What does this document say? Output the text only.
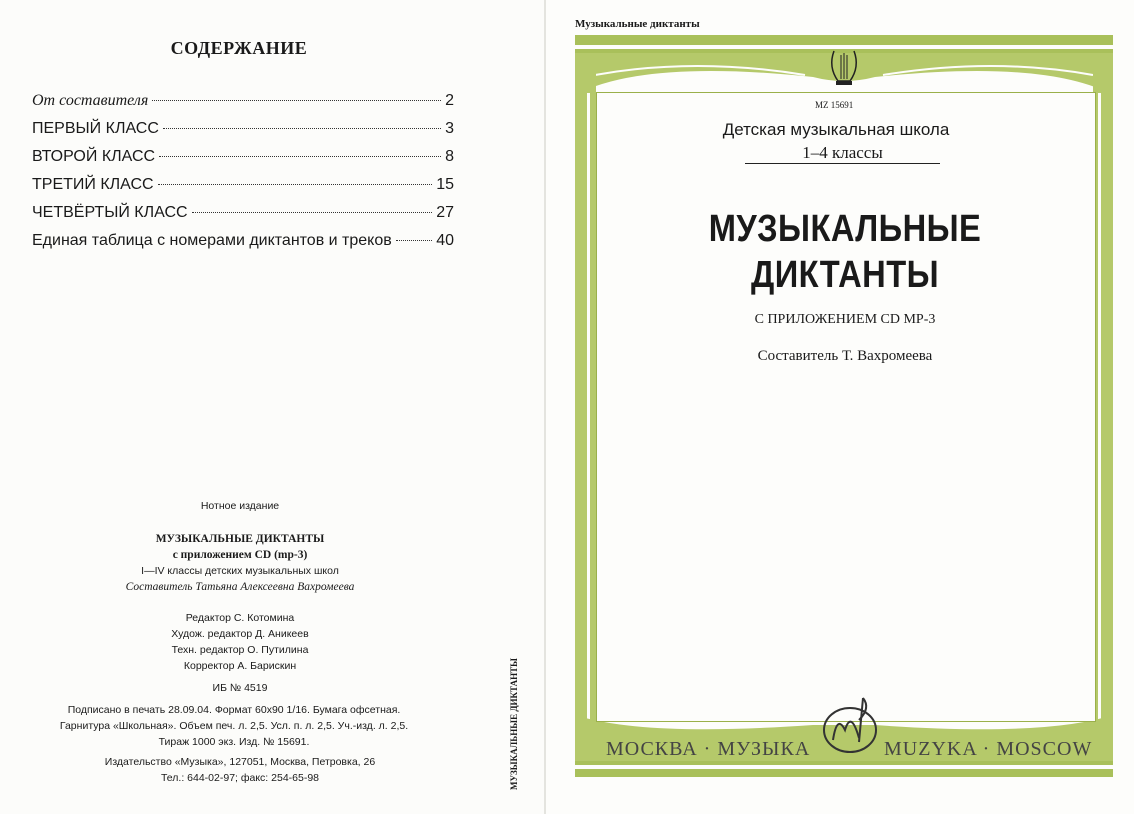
СОДЕРЖАНИЕ
От составителя	2
ПЕРВЫЙ КЛАСС	3
ВТОРОЙ КЛАСС	8
ТРЕТИЙ КЛАСС	15
ЧЕТВЁРТЫЙ КЛАСС	27
Единая таблица с номерами диктантов и треков	40
Нотное издание
МУЗЫКАЛЬНЫЕ ДИКТАНТЫ
с приложением CD (mp-3)
I—IV классы детских музыкальных школ
Составитель Татьяна Алексеевна Вахромеева
Редактор С. Котомина
Худож. редактор Д. Аникеев
Техн. редактор О. Путилина
Корректор А. Барискин
ИБ № 4519
Подписано в печать 28.09.04. Формат 60x90 1/16. Бумага офсетная.
Гарнитура «Школьная». Объем печ. л. 2,5. Усл. п. л. 2,5. Уч.-изд. л. 2,5.
Тираж 1000 экз. Изд. № 15691.
Издательство «Музыка», 127051, Москва, Петровка, 26
Тел.: 644-02-97; факс: 254-65-98	МУЗЫКАЛЬНЫЕ ДИКТАНТЫ
Музыкальные диктанты
MZ 15691
Детская музыкальная школа
1–4 классы
МУЗЫКАЛЬНЫЕ
ДИКТАНТЫ
С ПРИЛОЖЕНИЕМ CD MP-3
Составитель Т. Вахромеева
МОСКВА · МУЗЫКА	MUZYKA · MOSCOW
